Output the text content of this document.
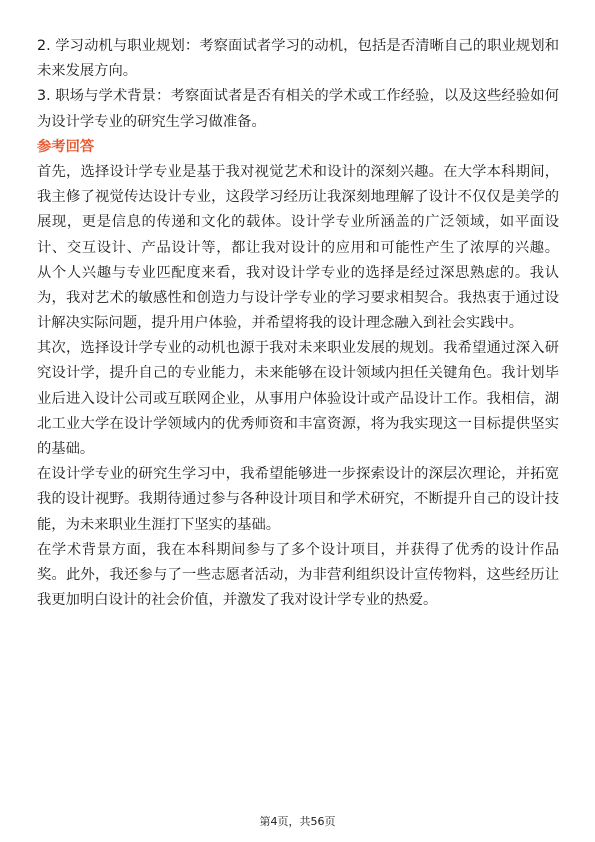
2. 学习动机与职业规划：考察面试者学习的动机，包括是否清晰自己的职业规划和
未来发展方向。
3. 职场与学术背景：考察面试者是否有相关的学术或工作经验，以及这些经验如何
为设计学专业的研究生学习做准备。
参考回答
首先，选择设计学专业是基于我对视觉艺术和设计的深刻兴趣。在大学本科期间，
我主修了视觉传达设计专业，这段学习经历让我深刻地理解了设计不仅仅是美学的
展现，更是信息的传递和文化的载体。设计学专业所涵盖的广泛领域，如平面设
计、交互设计、产品设计等，都让我对设计的应用和可能性产生了浓厚的兴趣。
从个人兴趣与专业匹配度来看，我对设计学专业的选择是经过深思熟虑的。我认
为，我对艺术的敏感性和创造力与设计学专业的学习要求相契合。我热衷于通过设
计解决实际问题，提升用户体验，并希望将我的设计理念融入到社会实践中。
其次，选择设计学专业的动机也源于我对未来职业发展的规划。我希望通过深入研
究设计学，提升自己的专业能力，未来能够在设计领域内担任关键角色。我计划毕
业后进入设计公司或互联网企业，从事用户体验设计或产品设计工作。我相信，湖
北工业大学在设计学领域内的优秀师资和丰富资源，将为我实现这一目标提供坚实
的基础。
在设计学专业的研究生学习中，我希望能够进一步探索设计的深层次理论，并拓宽
我的设计视野。我期待通过参与各种设计项目和学术研究，不断提升自己的设计技
能，为未来职业生涯打下坚实的基础。
在学术背景方面，我在本科期间参与了多个设计项目，并获得了优秀的设计作品
奖。此外，我还参与了一些志愿者活动，为非营利组织设计宣传物料，这些经历让
我更加明白设计的社会价值，并激发了我对设计学专业的热爱。
第4页，共56页
